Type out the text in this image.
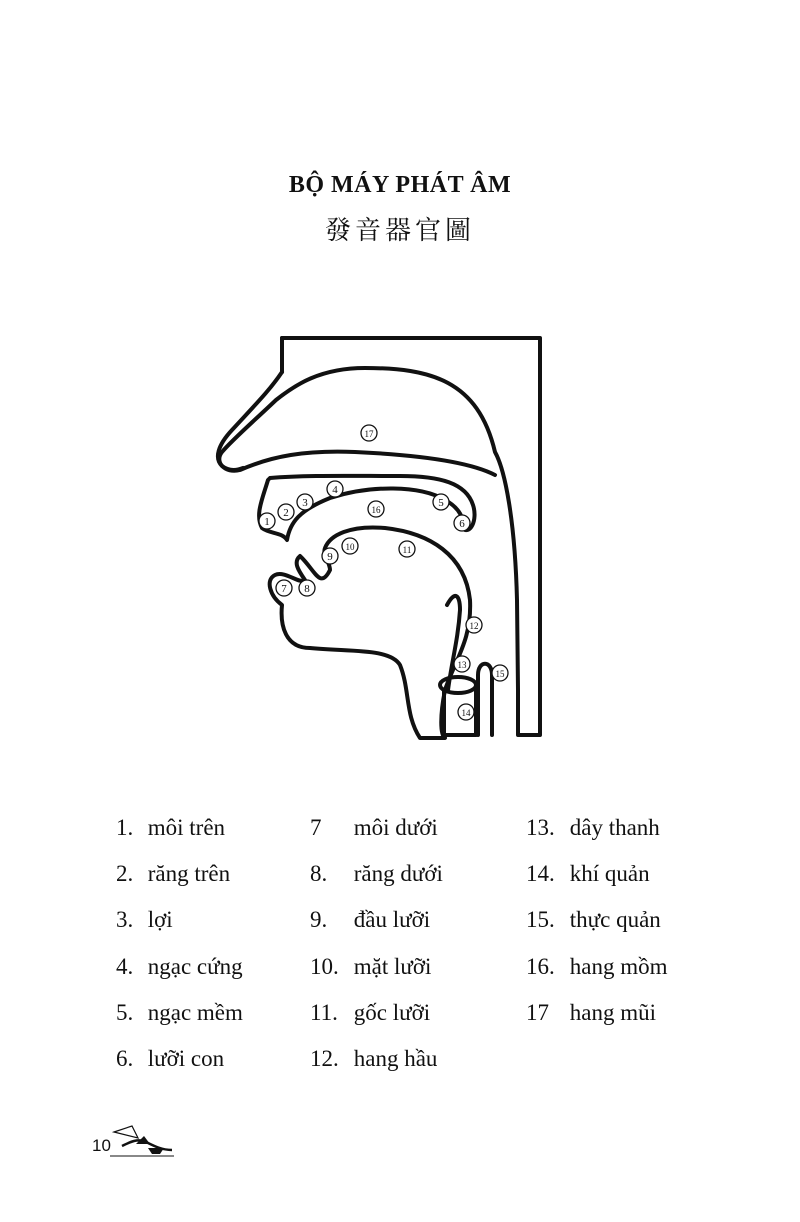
BỘ MÁY PHÁT ÂM
發音器官圖
1
2
3
4
5
6
7 8
9
10	11
12
13
14
15
16
17
1. môi trên
2. răng trên
3. lợi
4. ngạc cứng
5. ngạc mềm
6. lưỡi con
7 môi dưới
8. răng dưới
9. đầu lưỡi
10. mặt lưỡi
11. gốc lưỡi
12. hang hầu
13. dây thanh
14. khí quản
15. thực quản
16. hang mồm
17 hang mũi
10
